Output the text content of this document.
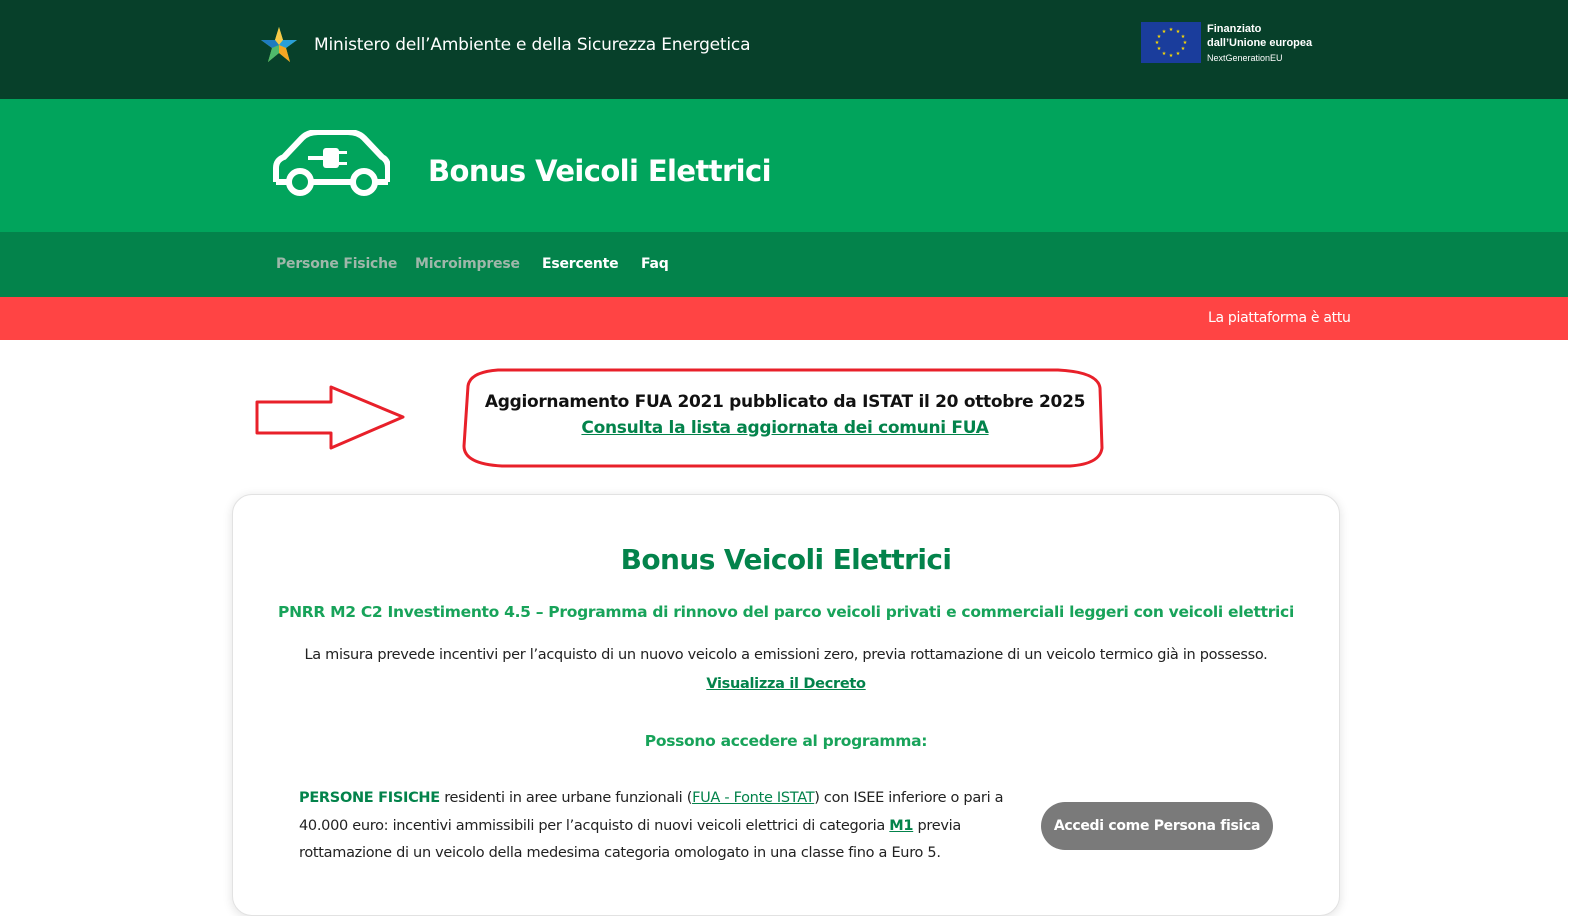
Ministero dell’Ambiente e della Sicurezza Energetica
★ ★
★
★
★
★
★
★
★
★
★
★	Finanziato
dall’Unione europea
NextGenerationEU
Bonus Veicoli Elettrici
Persone Fisiche Microimprese Esercente Faq
La piattaforma è attu
Aggiornamento FUA 2021 pubblicato da ISTAT il 20 ottobre 2025
Consulta la lista aggiornata dei comuni FUA
Bonus Veicoli Elettrici
PNRR M2 C2 Investimento 4.5 – Programma di rinnovo del parco veicoli privati e commerciali leggeri con veicoli elettrici
La misura prevede incentivi per l’acquisto di un nuovo veicolo a emissioni zero, previa rottamazione di un veicolo termico già in possesso.
Visualizza il Decreto
Possono accedere al programma:
PERSONE FISICHE residenti in aree urbane funzionali (FUA - Fonte ISTAT) con ISEE inferiore o pari a 40.000 euro: incentivi ammissibili per l’acquisto di nuovi veicoli elettrici di categoria M1 previa rottamazione di un veicolo della medesima categoria omologato in una classe fino a Euro 5.
Accedi come Persona fisica
